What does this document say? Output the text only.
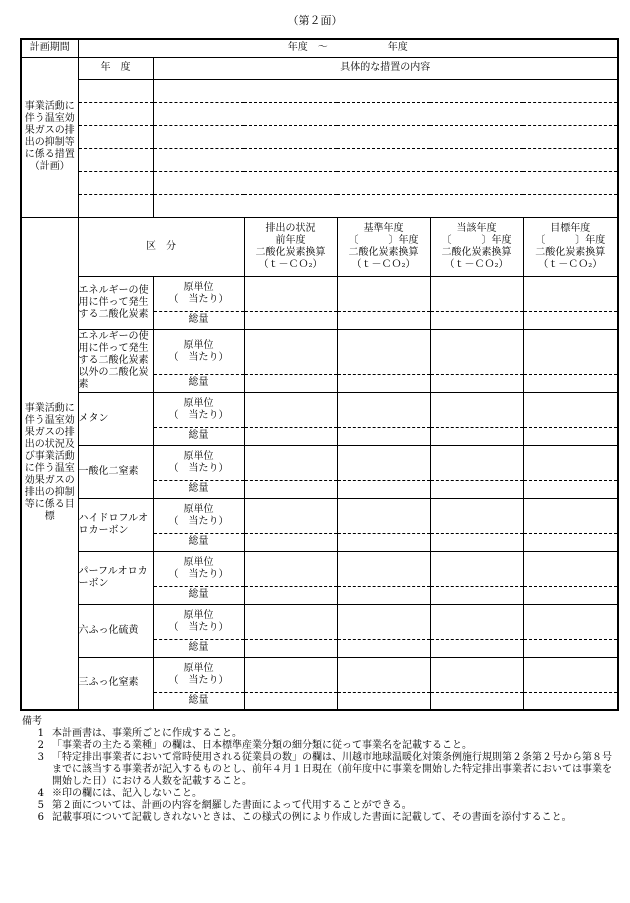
（第２面）
計画期間	年度　～　　　　　　年度					
事業活動に伴う温室効果ガスの排出の抑制等に係る措置（計画）	年　度	具体的な措置の内容				

事業活動に伴う温室効果ガスの排出の状況及び事業活動に伴う温室効果ガスの排出の抑制等に係る目標	区　分		排出の状況
前年度
二酸化炭素換算
（ｔ－ＣＯ₂）	基準年度
〔　　　〕年度
二酸化炭素換算
（ｔ－ＣＯ₂）	当該年度
〔　　　〕年度
二酸化炭素換算
（ｔ－ＣＯ₂）	目標年度
〔　　　〕年度
二酸化炭素換算
（ｔ－ＣＯ₂）

	エネルギーの使用に伴って発生する二酸化炭素	原単位
（　当たり）				

		総量				
	エネルギーの使用に伴って発生する二酸化炭素以外の二酸化炭素	原単位
（　当たり）				

		総量				
	メタン	原単位
（　当たり）				

		総量				
	一酸化二窒素	原単位
（　当たり）				

		総量				
	ハイドロフルオロカーボン	原単位
（　当たり）				

		総量				
	パーフルオロカーボン	原単位
（　当たり）				

		総量				
	六ふっ化硫黄	原単位
（　当たり）				

		総量				
	三ふっ化窒素	原単位
（　当たり）				

		総量				
備考
1 本計画書は、事業所ごとに作成すること。
2 「事業者の主たる業種」の欄は、日本標準産業分類の細分類に従って事業名を記載すること。
3 「特定排出事業者において常時使用される従業員の数」の欄は、川越市地球温暖化対策条例施行規則第２条第２号から第８号までに該当する事業者が記入するものとし、前年４月１日現在（前年度中に事業を開始した特定排出事業者においては事業を開始した日）における人数を記載すること。
4 ※印の欄には、記入しないこと。
5 第２面については、計画の内容を網羅した書面によって代用することができる。
6 記載事項について記載しきれないときは、この様式の例により作成した書面に記載して、その書面を添付すること。
